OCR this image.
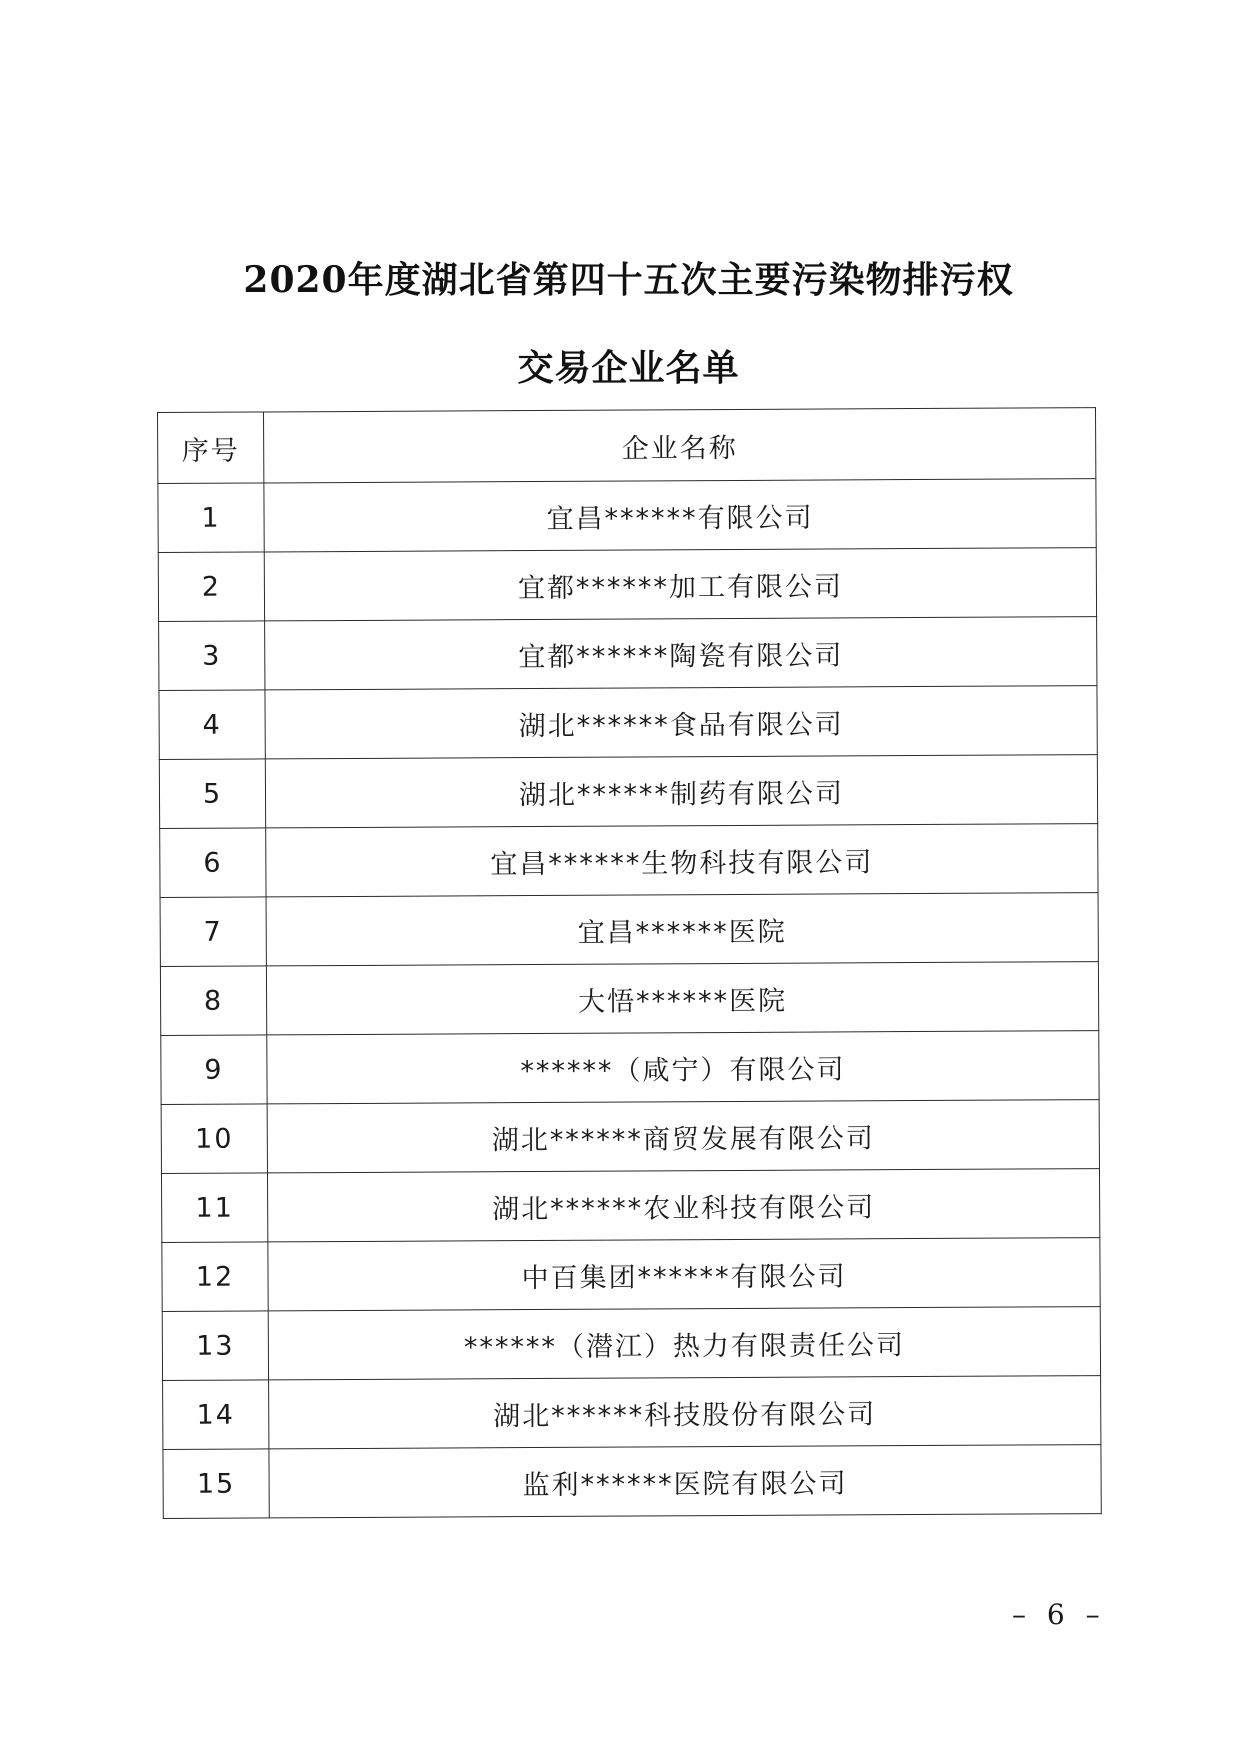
2020年度湖北省第四十五次主要污染物排污权
交易企业名单
序号	企业名称
1	宜昌******有限公司
2	宜都******加工有限公司
3	宜都******陶瓷有限公司
4	湖北******食品有限公司
5	湖北******制药有限公司
6	宜昌******生物科技有限公司
7	宜昌******医院
8	大悟******医院
9	******（咸宁）有限公司
10	湖北******商贸发展有限公司
11	湖北******农业科技有限公司
12	中百集团******有限公司
13	******（潜江）热力有限责任公司
14	湖北******科技股份有限公司
15	监利******医院有限公司
– 6 –
